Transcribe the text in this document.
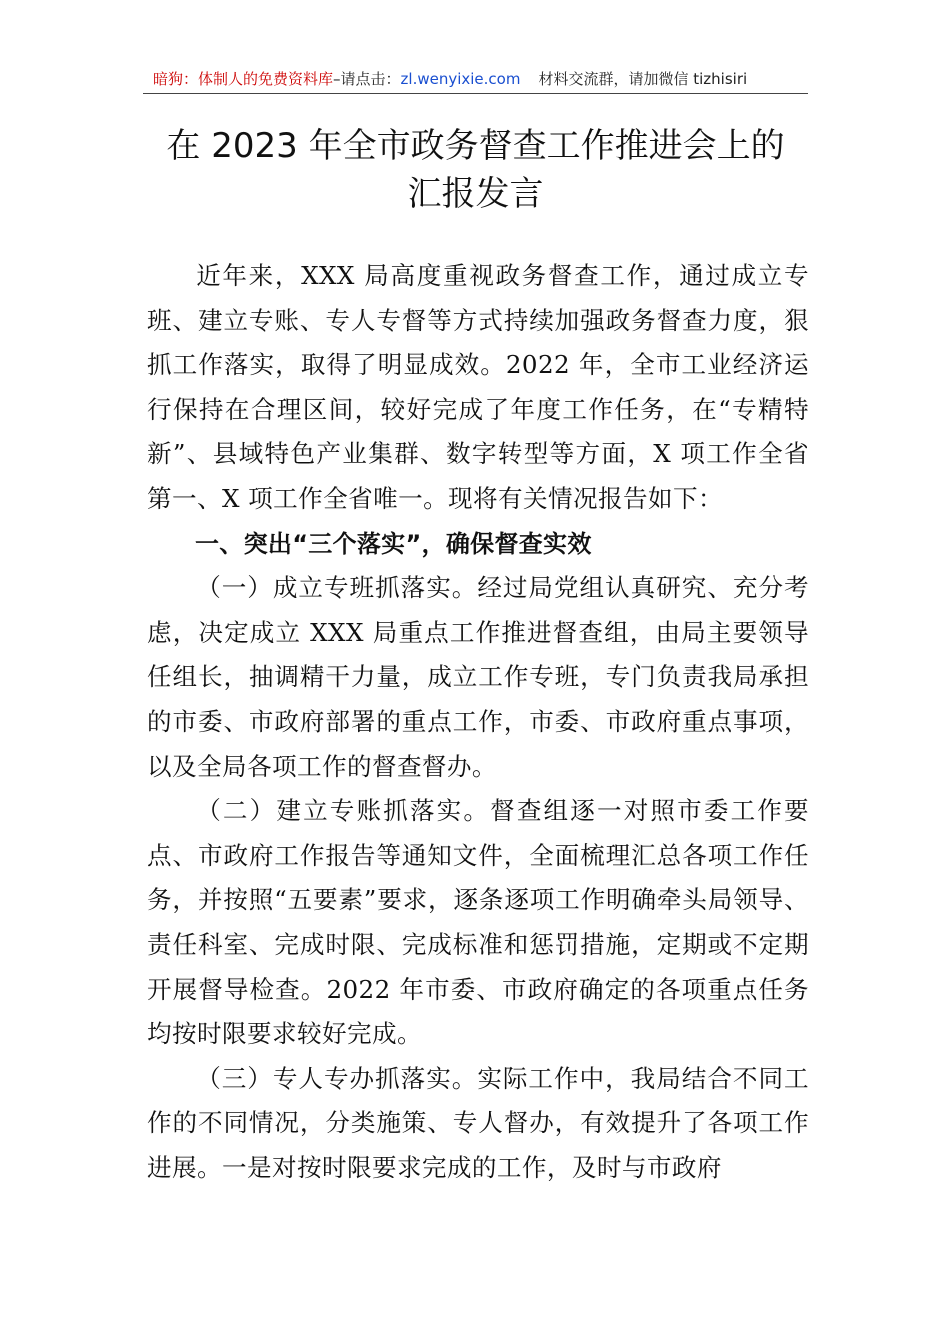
暗狗：体制人的免费资料库–请点击：zl.wenyixie.com 材料交流群，请加微信 tizhisiri
在 2023 年全市政务督查工作推进会上的
汇报发言

近年来，XXX 局高度重视政务督查工作，通过成立专班、建立专账、专人专督等方式持续加强政务督查力度，狠抓工作落实，取得了明显成效。2022 年，全市工业经济运行保持在合理区间，较好完成了年度工作任务，在“专精特新”、县域特色产业集群、数字转型等方面，X 项工作全省第一、X 项工作全省唯一。现将有关情况报告如下：

一、突出“三个落实”，确保督查实效

（一）成立专班抓落实。经过局党组认真研究、充分考虑，决定成立 XXX 局重点工作推进督查组，由局主要领导任组长，抽调精干力量，成立工作专班，专门负责我局承担的市委、市政府部署的重点工作，市委、市政府重点事项，以及全局各项工作的督查督办。

（二）建立专账抓落实。督查组逐一对照市委工作要点、市政府工作报告等通知文件，全面梳理汇总各项工作任务，并按照“五要素”要求，逐条逐项工作明确牵头局领导、责任科室、完成时限、完成标准和惩罚措施，定期或不定期开展督导检查。2022 年市委、市政府确定的各项重点任务均按时限要求较好完成。

（三）专人专办抓落实。实际工作中，我局结合不同工作的不同情况，分类施策、专人督办，有效提升了各项工作进展。一是对按时限要求完成的工作，及时与市政府
